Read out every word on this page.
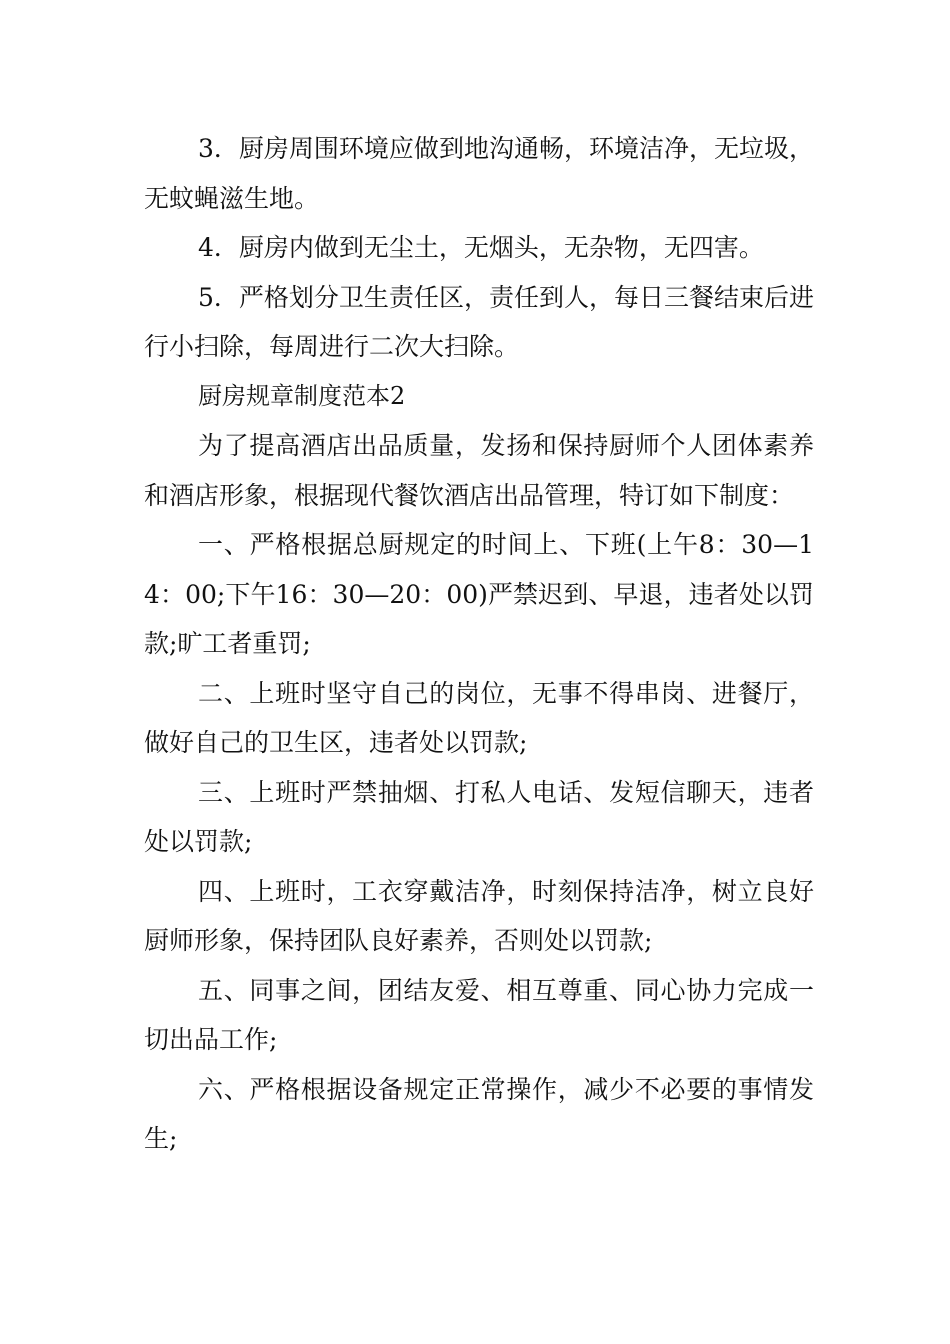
3．厨房周围环境应做到地沟通畅，环境洁净，无垃圾，无蚊蝇滋生地。

4．厨房内做到无尘土，无烟头，无杂物，无四害。

5．严格划分卫生责任区，责任到人，每日三餐结束后进行小扫除，每周进行二次大扫除。

厨房规章制度范本2

为了提高酒店出品质量，发扬和保持厨师个人团体素养和酒店形象，根据现代餐饮酒店出品管理，特订如下制度：

一、严格根据总厨规定的时间上、下班(上午8：30—14：00;下午16：30—20：00)严禁迟到、早退，违者处以罚款;旷工者重罚;

二、上班时坚守自己的岗位，无事不得串岗、进餐厅，做好自己的卫生区，违者处以罚款;

三、上班时严禁抽烟、打私人电话、发短信聊天，违者处以罚款;

四、上班时，工衣穿戴洁净，时刻保持洁净，树立良好厨师形象，保持团队良好素养，否则处以罚款;

五、同事之间，团结友爱、相互尊重、同心协力完成一切出品工作;

六、严格根据设备规定正常操作，减少不必要的事情发生;
